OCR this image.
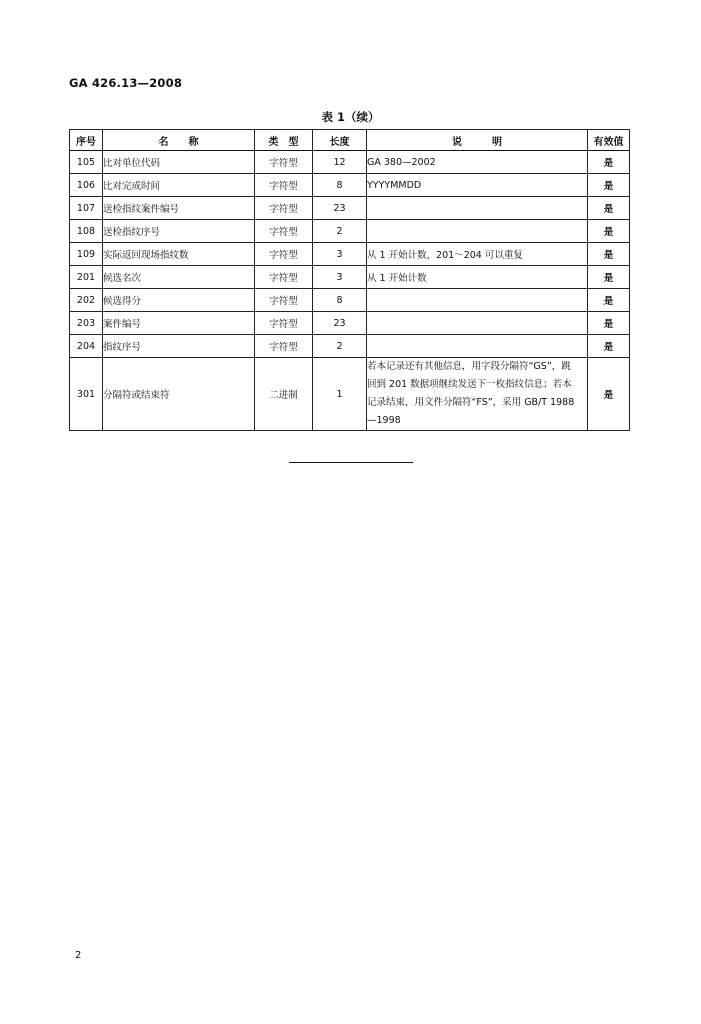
GA 426.13—2008
表 1（续）
序号	名　　称	类　型	长度	说　　　明	有效值
105	比对单位代码	字符型	12	GA 380—2002	是
106	比对完成时间	字符型	8	YYYYMMDD	是
107	送检指纹案件编号	字符型	23		是
108	送检指纹序号	字符型	2		是
109	实际返回现场指纹数	字符型	3	从 1 开始计数，201～204 可以重复	是
201	候选名次	字符型	3	从 1 开始计数	是
202	候选得分	字符型	8		是
203	案件编号	字符型	23		是
204	指纹序号	字符型	2		是
301	分隔符或结束符	二进制	1	若本记录还有其他信息，用字段分隔符“GS”，跳回到 201 数据项继续发送下一枚指纹信息；若本记录结束，用文件分隔符“FS”，采用 GB/T 1988—1998	是
2
